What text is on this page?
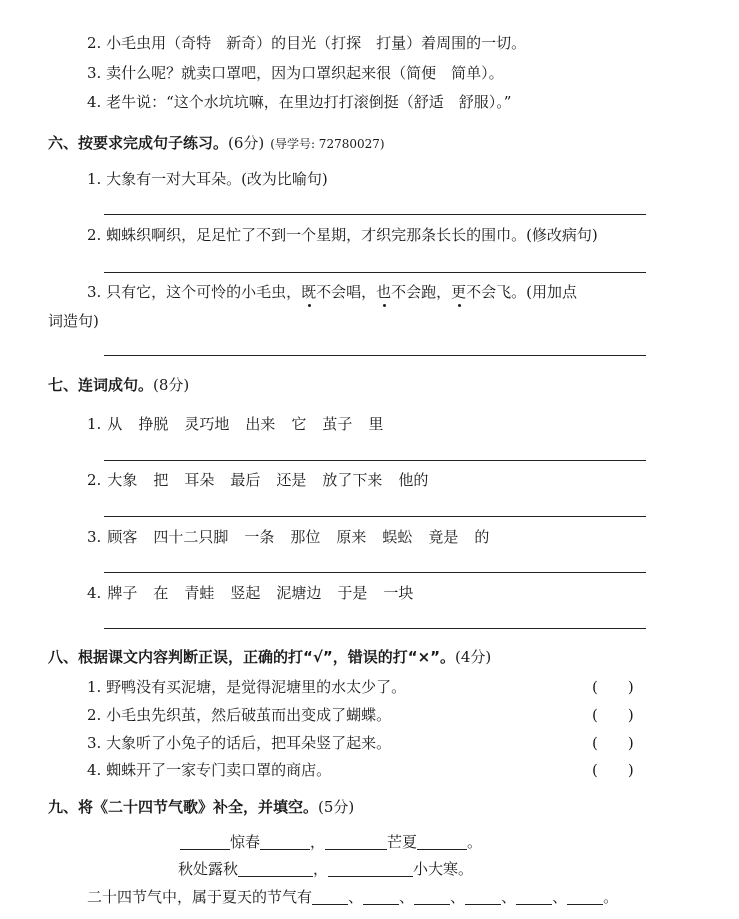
2. 小毛虫用（奇特　新奇）的目光（打探　打量）着周围的一切。
3. 卖什么呢？就卖口罩吧，因为口罩织起来很（简便　简单）。
4. 老牛说：“这个水坑坑嘛，在里边打打滚倒挺（舒适　舒服）。”
六、按要求完成句子练习。(6分) (导学号: 72780027)
1. 大象有一对大耳朵。(改为比喻句)
2. 蜘蛛织啊织，足足忙了不到一个星期，才织完那条长长的围巾。(修改病句)
3. 只有它，这个可怜的小毛虫，既不会唱，也不会跑，更不会飞。(用加点
词造句)
七、连词成句。(8分)
1. 从 挣脱 灵巧地 出来 它 茧子 里
2. 大象 把 耳朵 最后 还是 放了下来 他的
3. 顾客 四十二只脚 一条 那位 原来 蜈蚣 竟是 的
4. 牌子 在 青蛙 竖起 泥塘边 于是 一块
八、根据课文内容判断正误，正确的打“√”，错误的打“×”。(4分)
1. 野鸭没有买泥塘，是觉得泥塘里的水太少了。	(　　)
2. 小毛虫先织茧，然后破茧而出变成了蝴蝶。	(　　)
3. 大象听了小兔子的话后，把耳朵竖了起来。	(　　)
4. 蜘蛛开了一家专门卖口罩的商店。	(　　)
九、将《二十四节气歌》补全，并填空。(5分)
惊春	，	芒夏	。
秋处露秋	，	小大寒。
二十四节气中，属于夏天的节气有 、 、 、 、 、 。
